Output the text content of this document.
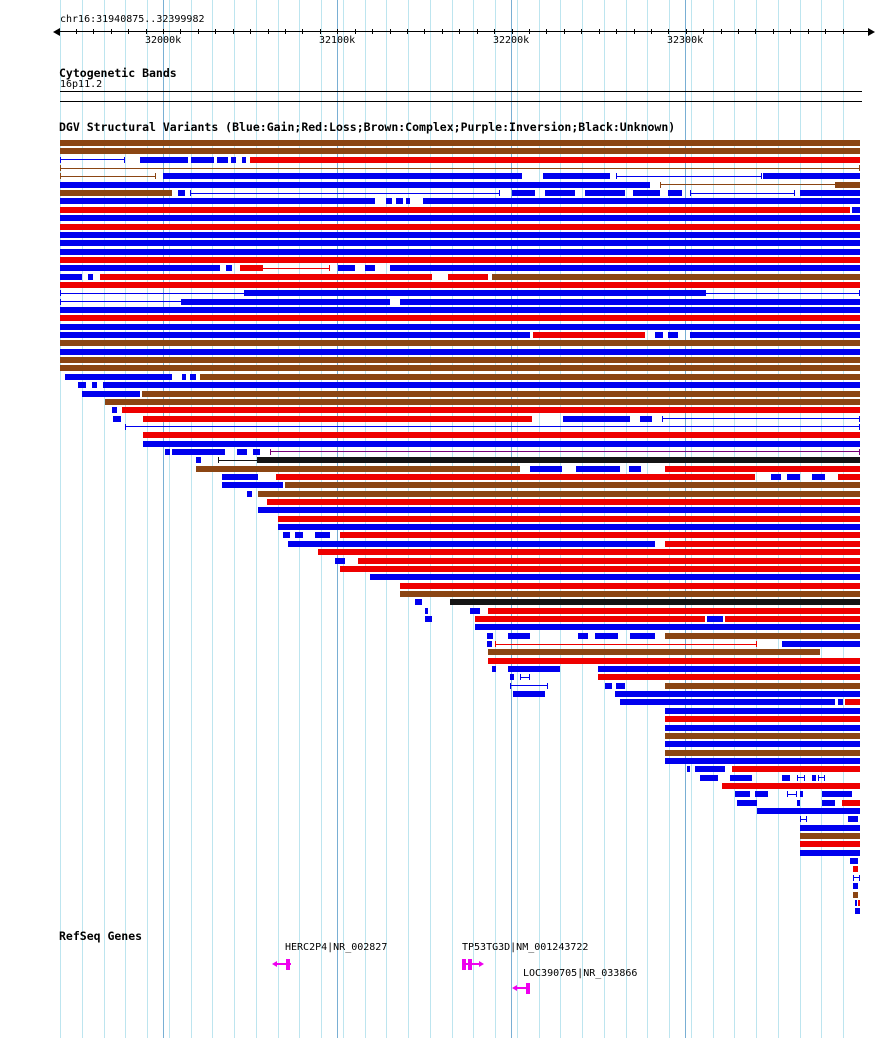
chr16:31940875..32399982
32000k	32100k	32200k	32300k
Cytogenetic Bands
16p11.2
DGV Structural Variants (Blue:Gain;Red:Loss;Brown:Complex;Purple:Inversion;Black:Unknown)
RefSeq Genes
HERC2P4|NR_002827	TP53TG3D|NM_001243722
LOC390705|NR_033866
